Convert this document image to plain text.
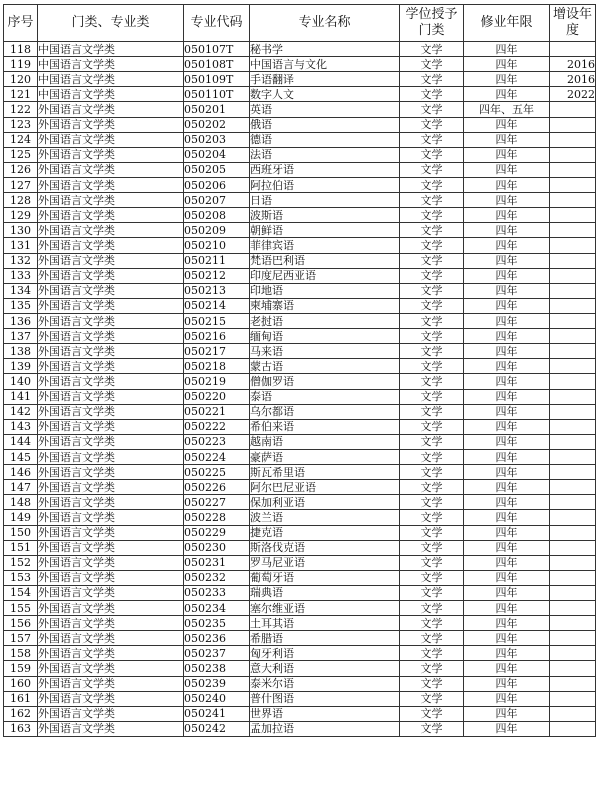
序号	门类、专业类	专业代码	专业名称	学位授予门类	修业年限	增设年度
118	中国语言文学类	050107T	秘书学	文学	四年	
119	中国语言文学类	050108T	中国语言与文化	文学	四年	2016
120	中国语言文学类	050109T	手语翻译	文学	四年	2016
121	中国语言文学类	050110T	数字人文	文学	四年	2022
122	外国语言文学类	050201	英语	文学	四年、五年	
123	外国语言文学类	050202	俄语	文学	四年	
124	外国语言文学类	050203	德语	文学	四年	
125	外国语言文学类	050204	法语	文学	四年	
126	外国语言文学类	050205	西班牙语	文学	四年	
127	外国语言文学类	050206	阿拉伯语	文学	四年	
128	外国语言文学类	050207	日语	文学	四年	
129	外国语言文学类	050208	波斯语	文学	四年	
130	外国语言文学类	050209	朝鲜语	文学	四年	
131	外国语言文学类	050210	菲律宾语	文学	四年	
132	外国语言文学类	050211	梵语巴利语	文学	四年	
133	外国语言文学类	050212	印度尼西亚语	文学	四年	
134	外国语言文学类	050213	印地语	文学	四年	
135	外国语言文学类	050214	柬埔寨语	文学	四年	
136	外国语言文学类	050215	老挝语	文学	四年	
137	外国语言文学类	050216	缅甸语	文学	四年	
138	外国语言文学类	050217	马来语	文学	四年	
139	外国语言文学类	050218	蒙古语	文学	四年	
140	外国语言文学类	050219	僧伽罗语	文学	四年	
141	外国语言文学类	050220	泰语	文学	四年	
142	外国语言文学类	050221	乌尔都语	文学	四年	
143	外国语言文学类	050222	希伯来语	文学	四年	
144	外国语言文学类	050223	越南语	文学	四年	
145	外国语言文学类	050224	豪萨语	文学	四年	
146	外国语言文学类	050225	斯瓦希里语	文学	四年	
147	外国语言文学类	050226	阿尔巴尼亚语	文学	四年	
148	外国语言文学类	050227	保加利亚语	文学	四年	
149	外国语言文学类	050228	波兰语	文学	四年	
150	外国语言文学类	050229	捷克语	文学	四年	
151	外国语言文学类	050230	斯洛伐克语	文学	四年	
152	外国语言文学类	050231	罗马尼亚语	文学	四年	
153	外国语言文学类	050232	葡萄牙语	文学	四年	
154	外国语言文学类	050233	瑞典语	文学	四年	
155	外国语言文学类	050234	塞尔维亚语	文学	四年	
156	外国语言文学类	050235	土耳其语	文学	四年	
157	外国语言文学类	050236	希腊语	文学	四年	
158	外国语言文学类	050237	匈牙利语	文学	四年	
159	外国语言文学类	050238	意大利语	文学	四年	
160	外国语言文学类	050239	泰米尔语	文学	四年	
161	外国语言文学类	050240	普什图语	文学	四年	
162	外国语言文学类	050241	世界语	文学	四年	
163	外国语言文学类	050242	孟加拉语	文学	四年	
